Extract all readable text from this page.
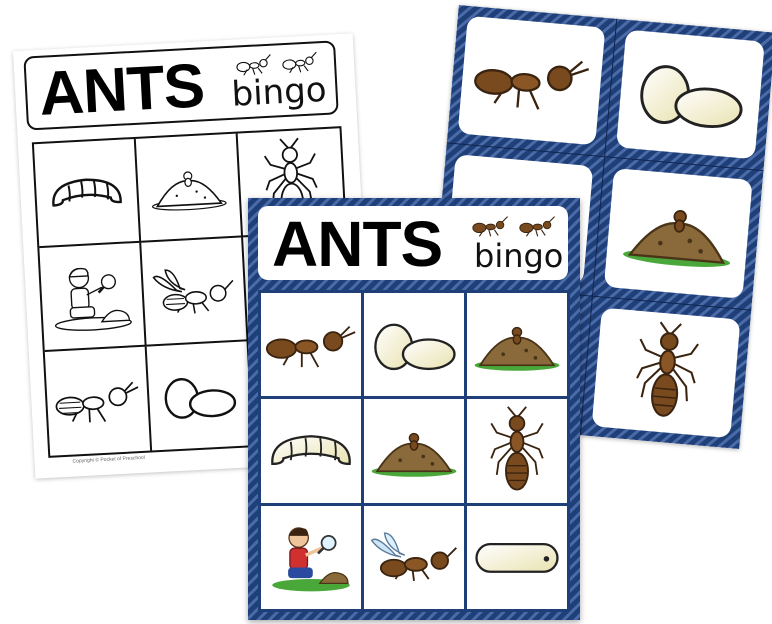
ANTS bingo
Copyright © Pocket of Preschool
ANTS bingo
